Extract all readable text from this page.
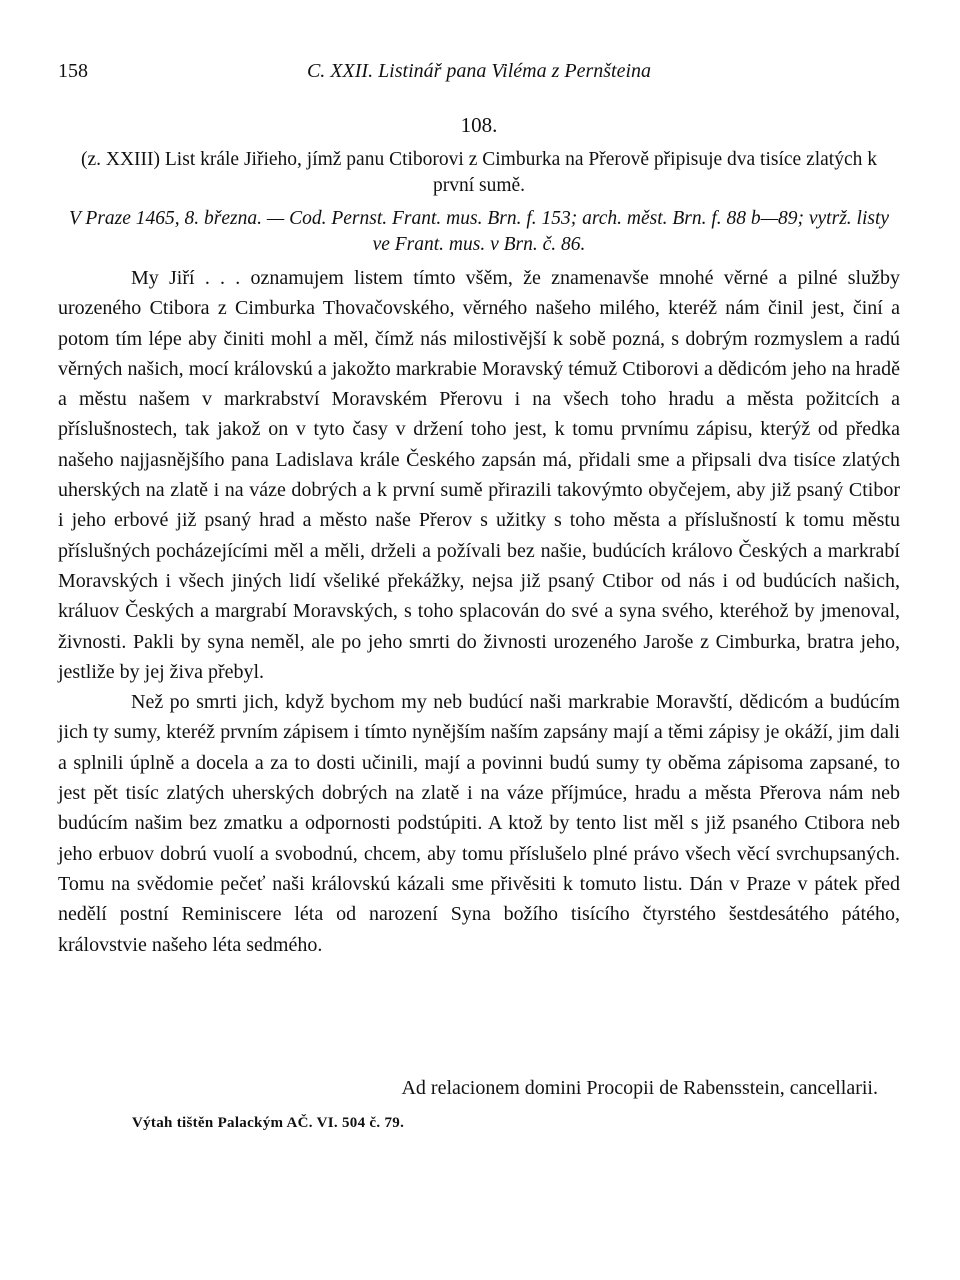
158	C. XXII. Listinář pana Viléma z Pernšteina
108.
(z. XXIII) List krále Jiřieho, jímž panu Ctiborovi z Cimburka na Přerově připisuje dva tisíce zlatých k první sumě.
V Praze 1465, 8. března. — Cod. Pernst. Frant. mus. Brn. f. 153; arch. měst. Brn. f. 88 b—89; vytrž. listy ve Frant. mus. v Brn. č. 86.

My Jiří . . . oznamujem listem tímto všěm, že znamenavše mnohé věrné a pilné služby urozeného Ctibora z Cimburka Thovačovského, věrného našeho milého, kteréž nám činil jest, činí a potom tím lépe aby činiti mohl a měl, čímž nás milostivější k sobě pozná, s dobrým rozmyslem a radú věrných našich, mocí královskú a jakožto markrabie Moravský témuž Ctiborovi a dědicóm jeho na hradě a městu našem v markrabství Moravském Přerovu i na všech toho hradu a města požitcích a příslušnostech, tak jakož on v tyto časy v držení toho jest, k tomu prvnímu zápisu, kterýž od předka našeho najjasnějšího pana Ladislava krále Českého zapsán má, přidali sme a připsali dva tisíce zlatých uherských na zlatě i na váze dobrých a k první sumě přirazili takovýmto obyčejem, aby již psaný Ctibor i jeho erbové již psaný hrad a město naše Přerov s užitky s toho města a příslušností k tomu městu příslušných pocházejícími měl a měli, drželi a požívali bez našie, budúcích královo Českých a markrabí Moravských i všech jiných lidí všeliké překážky, nejsa již psaný Ctibor od nás i od budúcích našich, králuov Českých a margrabí Moravských, s toho splacován do své a syna svého, kteréhož by jmenoval, živnosti. Pakli by syna neměl, ale po jeho smrti do živnosti urozeného Jaroše z Cimburka, bratra jeho, jestliže by jej živa přebyl.

Než po smrti jich, když bychom my neb budúcí naši markrabie Moravští, dědicóm a budúcím jich ty sumy, kteréž prvním zápisem i tímto nynějším naším zapsány mají a těmi zápisy je okáží, jim dali a splnili úplně a docela a za to dosti učinili, mají a povinni budú sumy ty oběma zápisoma zapsané, to jest pět tisíc zlatých uherských dobrých na zlatě i na váze příjmúce, hradu a města Přerova nám neb budúcím našim bez zmatku a odpornosti podstúpiti. A ktož by tento list měl s již psaného Ctibora neb jeho erbuov dobrú vuolí a svobodnú, chcem, aby tomu příslušelo plné právo všech věcí svrchupsaných. Tomu na svědomie pečeť naši královskú kázali sme přivěsiti k tomuto listu. Dán v Praze v pátek před nedělí postní Reminiscere léta od narození Syna božího tisícího čtyrstého šestdesátého pátého, královstvie našeho léta sedmého.

Ad relacionem domini Procopii de Rabensstein, cancellarii.
Výtah tištěn Palackým AČ. VI. 504 č. 79.
